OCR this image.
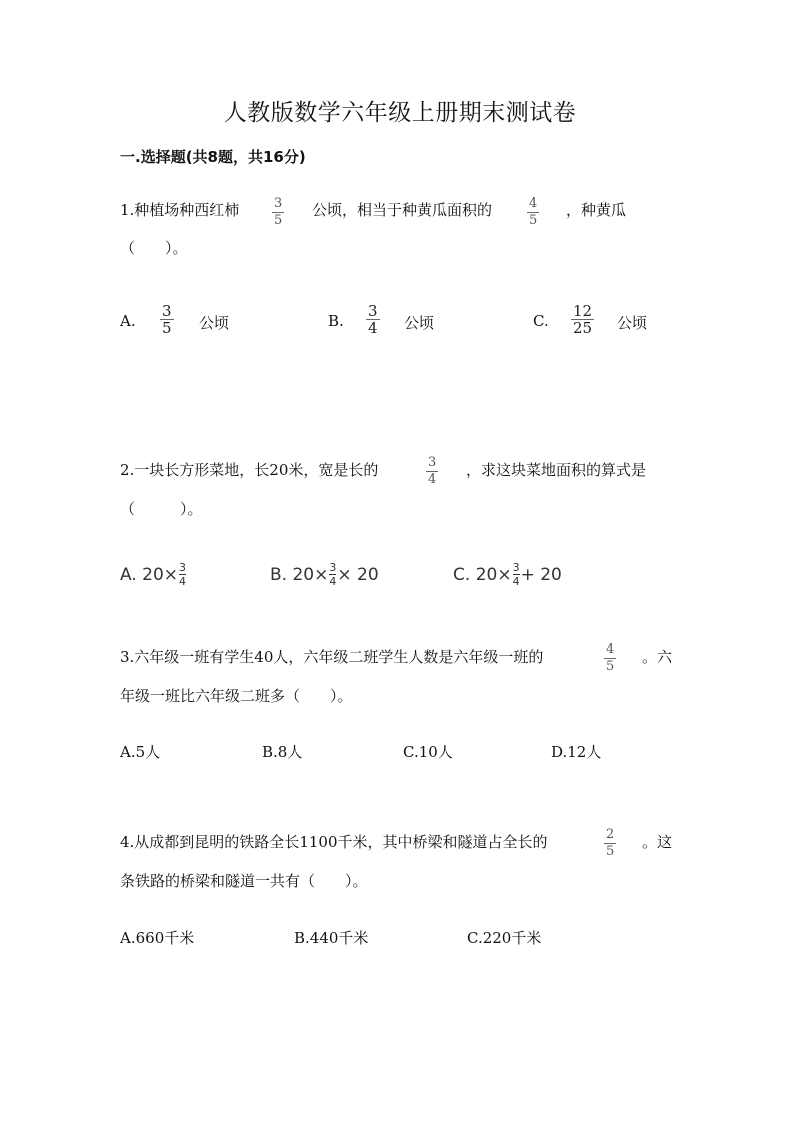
人教版数学六年级上册期末测试卷
一.选择题(共8题，共16分)
1.种植场种西红柿	3
5
公顷，相当于种黄瓜面积的	4
5
，种黄瓜
（　　）。
A.
3
5 公顷	B.
3
4 公顷	C.
12
25 公顷
2.一块长方形菜地，长20米，宽是长的	3
4
，求这块菜地面积的算式是
（　　　）。
A.
20× 3
4	B.
20× 3
4 × 20	C.
20× 3
4 + 20
3.六年级一班有学生40人，六年级二班学生人数是六年级一班的	4
5
。六
年级一班比六年级二班多（　　）。
A.5人	B.8人	C.10人	D.12人
4.从成都到昆明的铁路全长1100千米，其中桥梁和隧道占全长的	2
5
。这
条铁路的桥梁和隧道一共有（　　）。
A.660千米	B.440千米	C.220千米
